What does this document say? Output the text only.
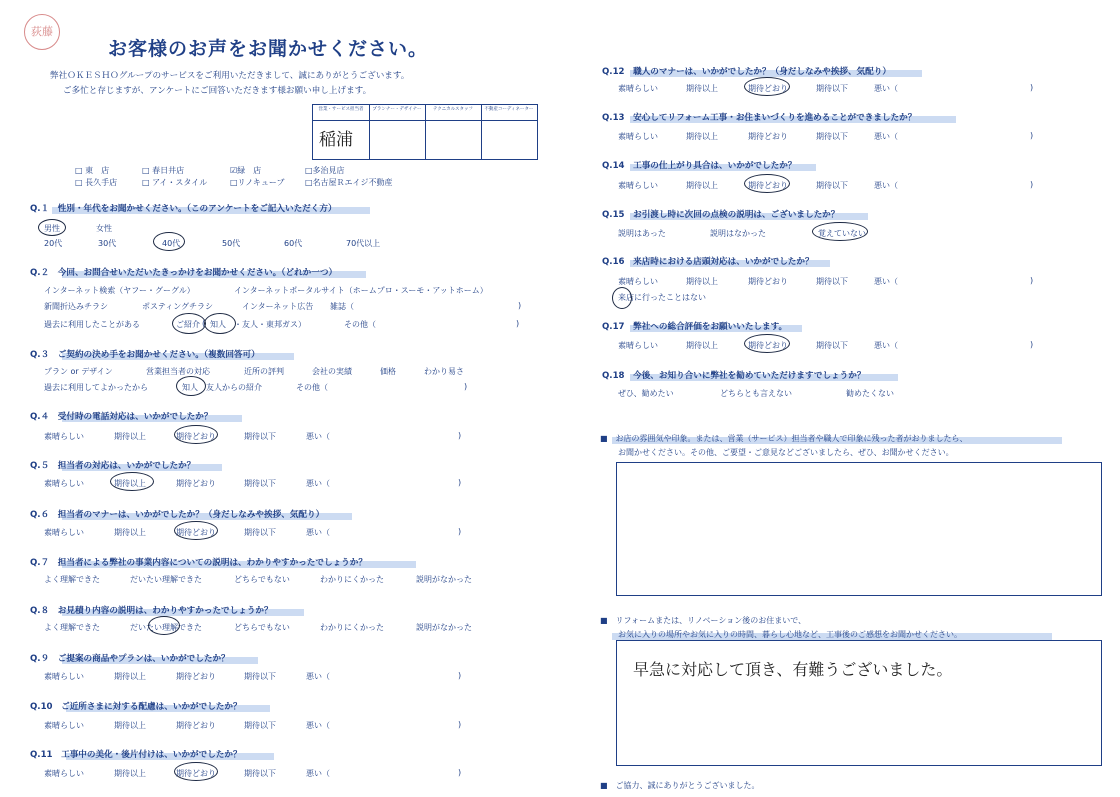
荻藤
お客様のお声をお聞かせください。
弊社ＯＫＥＳＨＯグループのサービスをご利用いただきまして、誠にありがとうございます。
ご多忙と存じますが、アンケートにご回答いただきます様お願い申し上げます。
営業・サービス担当者	プランナー・デザイナー	テクニカルスタッフ	不動産コーディネーター
稲浦
□ 東　店	□ 春日井店	☑緑　店	□多治見店
□ 長久手店	□ アイ・スタイル	□リノキューブ	□名古屋Ｒエイジ不動産
Q.１　性別・年代をお聞かせください。（このアンケートをご記入いただく方）
男性	女性
20代	30代	40代	50代	60代	70代以上
Q.２　今回、お問合せいただいたきっかけをお聞かせください。（どれか一つ）
インターネット検索（ヤフー・グーグル）	インターネットポータルサイト（ホームプロ・スーモ・アットホーム）
新聞折込みチラシ	ポスティングチラシ	インターネット広告 雑誌（	)
過去に利用したことがある	ご紹介 ( 知人 ・友人・東邦ガス）	その他（	)
Q.３　ご契約の決め手をお聞かせください。（複数回答可）
プラン or デザイン	営業担当者の対応	近所の評判	会社の実績	価格	わかり易さ
過去に利用してよかったから	知人 友人からの紹介	その他（	)
Q.４　受付時の電話対応は、いかがでしたか？
素晴らしい	期待以上	期待どおり	期待以下	悪い（	)
Q.５　担当者の対応は、いかがでしたか？
素晴らしい	期待以上	期待どおり	期待以下	悪い（	)
Q.６　担当者のマナーは、いかがでしたか？（身だしなみや挨拶、気配り）
素晴らしい	期待以上	期待どおり	期待以下	悪い（	)
Q.７　担当者による弊社の事業内容についての説明は、わかりやすかったでしょうか？
よく理解できた	だいたい理解できた	どちらでもない	わかりにくかった	説明がなかった
Q.８　お見積り内容の説明は、わかりやすかったでしょうか？
よく理解できた	だいたい理解できた	どちらでもない	わかりにくかった	説明がなかった
Q.９　ご提案の商品やプランは、いかがでしたか？
素晴らしい	期待以上	期待どおり	期待以下	悪い（	)
Q.10　ご近所さまに対する配慮は、いかがでしたか？
素晴らしい	期待以上	期待どおり	期待以下	悪い（	)
Q.11　工事中の美化・後片付けは、いかがでしたか？
素晴らしい	期待以上	期待どおり	期待以下	悪い（	)
Q.12　職人のマナーは、いかがでしたか？（身だしなみや挨拶、気配り）
素晴らしい	期待以上	期待どおり	期待以下	悪い（	)
Q.13　安心してリフォーム工事・お住まいづくりを進めることができましたか？
素晴らしい	期待以上	期待どおり	期待以下	悪い（	)
Q.14　工事の仕上がり具合は、いかがでしたか？
素晴らしい	期待以上	期待どおり	期待以下	悪い（	)
Q.15　お引渡し時に次回の点検の説明は、ございましたか？
説明はあった	説明はなかった	覚えていない
Q.16　来店時における店頭対応は、いかがでしたか？
素晴らしい	期待以上	期待どおり	期待以下	悪い（	)
来店に行ったことはない
Q.17　弊社への総合評価をお願いいたします。
素晴らしい	期待以上	期待どおり	期待以下	悪い（	)
Q.18　今後、お知り合いに弊社を勧めていただけますでしょうか？
ぜひ、勧めたい	どちらとも言えない	勧めたくない
■　お店の雰囲気や印象。または、営業（サービス）担当者や職人で印象に残った者がおりましたら、
お聞かせください。その他、ご要望・ご意見などございましたら、ぜひ、お聞かせください。
■　リフォームまたは、リノベーション後のお住まいで、
お気に入りの場所やお気に入りの時間、暮らし心地など、工事後のご感想をお聞かせください。
早急に対応して頂き、有難うございました。
■　ご協力、誠にありがとうございました。
